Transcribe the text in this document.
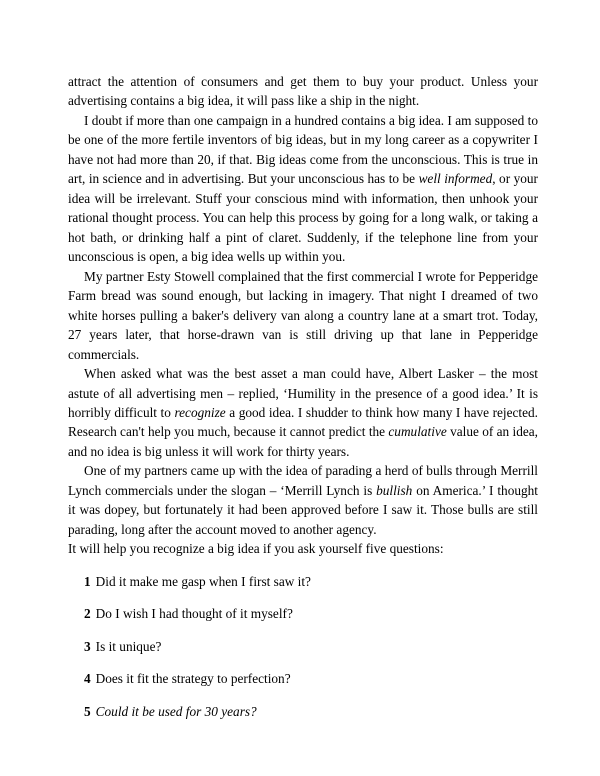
attract the attention of consumers and get them to buy your product. Unless your advertising contains a big idea, it will pass like a ship in the night.

I doubt if more than one campaign in a hundred contains a big idea. I am supposed to be one of the more fertile inventors of big ideas, but in my long career as a copywriter I have not had more than 20, if that. Big ideas come from the unconscious. This is true in art, in science and in advertising. But your unconscious has to be well informed, or your idea will be irrelevant. Stuff your conscious mind with information, then unhook your rational thought process. You can help this process by going for a long walk, or taking a hot bath, or drinking half a pint of claret. Suddenly, if the telephone line from your unconscious is open, a big idea wells up within you.

My partner Esty Stowell complained that the first commercial I wrote for Pepperidge Farm bread was sound enough, but lacking in imagery. That night I dreamed of two white horses pulling a baker's delivery van along a country lane at a smart trot. Today, 27 years later, that horse-drawn van is still driving up that lane in Pepperidge commercials.

When asked what was the best asset a man could have, Albert Lasker – the most astute of all advertising men – replied, ‘Humility in the presence of a good idea.’ It is horribly difficult to recognize a good idea. I shudder to think how many I have rejected. Research can't help you much, because it cannot predict the cumulative value of an idea, and no idea is big unless it will work for thirty years.

One of my partners came up with the idea of parading a herd of bulls through Merrill Lynch commercials under the slogan – ‘Merrill Lynch is bullish on America.’ I thought it was dopey, but fortunately it had been approved before I saw it. Those bulls are still parading, long after the account moved to another agency.

It will help you recognize a big idea if you ask yourself five questions:

1 Did it make me gasp when I first saw it?
2 Do I wish I had thought of it myself?
3 Is it unique?
4 Does it fit the strategy to perfection?
5 Could it be used for 30 years?
